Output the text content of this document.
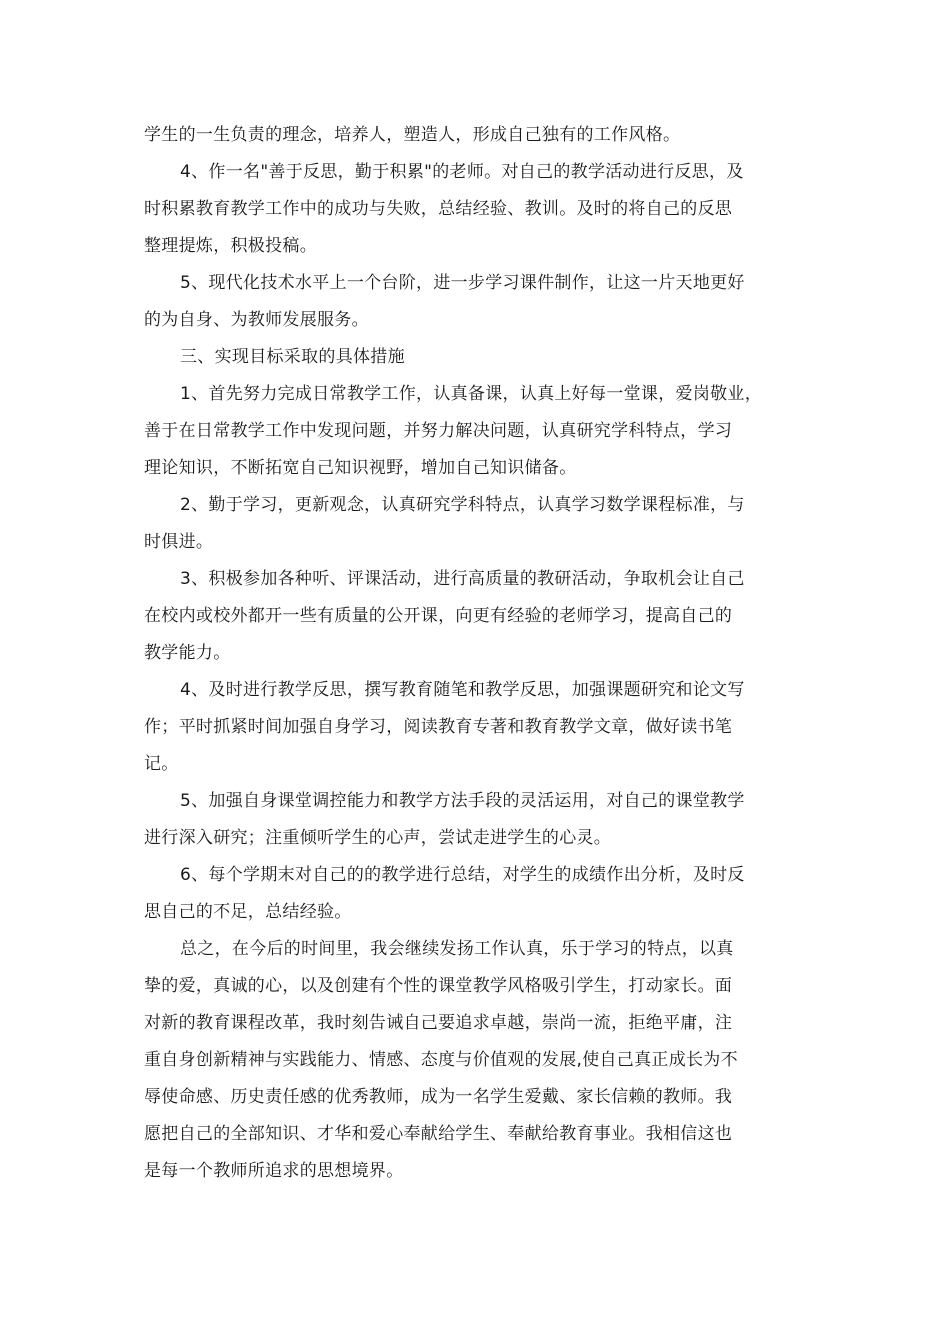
学生的一生负责的理念，培养人，塑造人，形成自己独有的工作风格。

4、作一名"善于反思，勤于积累"的老师。对自己的教学活动进行反思，及
时积累教育教学工作中的成功与失败，总结经验、教训。及时的将自己的反思
整理提炼，积极投稿。

5、现代化技术水平上一个台阶，进一步学习课件制作，让这一片天地更好
的为自身、为教师发展服务。

三、实现目标采取的具体措施

1、首先努力完成日常教学工作，认真备课，认真上好每一堂课，爱岗敬业，
善于在日常教学工作中发现问题，并努力解决问题，认真研究学科特点，学习
理论知识，不断拓宽自己知识视野，增加自己知识储备。

2、勤于学习，更新观念，认真研究学科特点，认真学习数学课程标准，与
时俱进。

3、积极参加各种听、评课活动，进行高质量的教研活动，争取机会让自己
在校内或校外都开一些有质量的公开课，向更有经验的老师学习，提高自己的
教学能力。

4、及时进行教学反思，撰写教育随笔和教学反思，加强课题研究和论文写
作；平时抓紧时间加强自身学习，阅读教育专著和教育教学文章，做好读书笔
记。

5、加强自身课堂调控能力和教学方法手段的灵活运用，对自己的课堂教学
进行深入研究；注重倾听学生的心声，尝试走进学生的心灵。

6、每个学期末对自己的的教学进行总结，对学生的成绩作出分析，及时反
思自己的不足，总结经验。

总之，在今后的时间里，我会继续发扬工作认真，乐于学习的特点，以真
挚的爱，真诚的心，以及创建有个性的课堂教学风格吸引学生，打动家长。面
对新的教育课程改革，我时刻告诫自己要追求卓越，崇尚一流，拒绝平庸，注
重自身创新精神与实践能力、情感、态度与价值观的发展,使自己真正成长为不
辱使命感、历史责任感的优秀教师，成为一名学生爱戴、家长信赖的教师。我
愿把自己的全部知识、才华和爱心奉献给学生、奉献给教育事业。我相信这也
是每一个教师所追求的思想境界。
